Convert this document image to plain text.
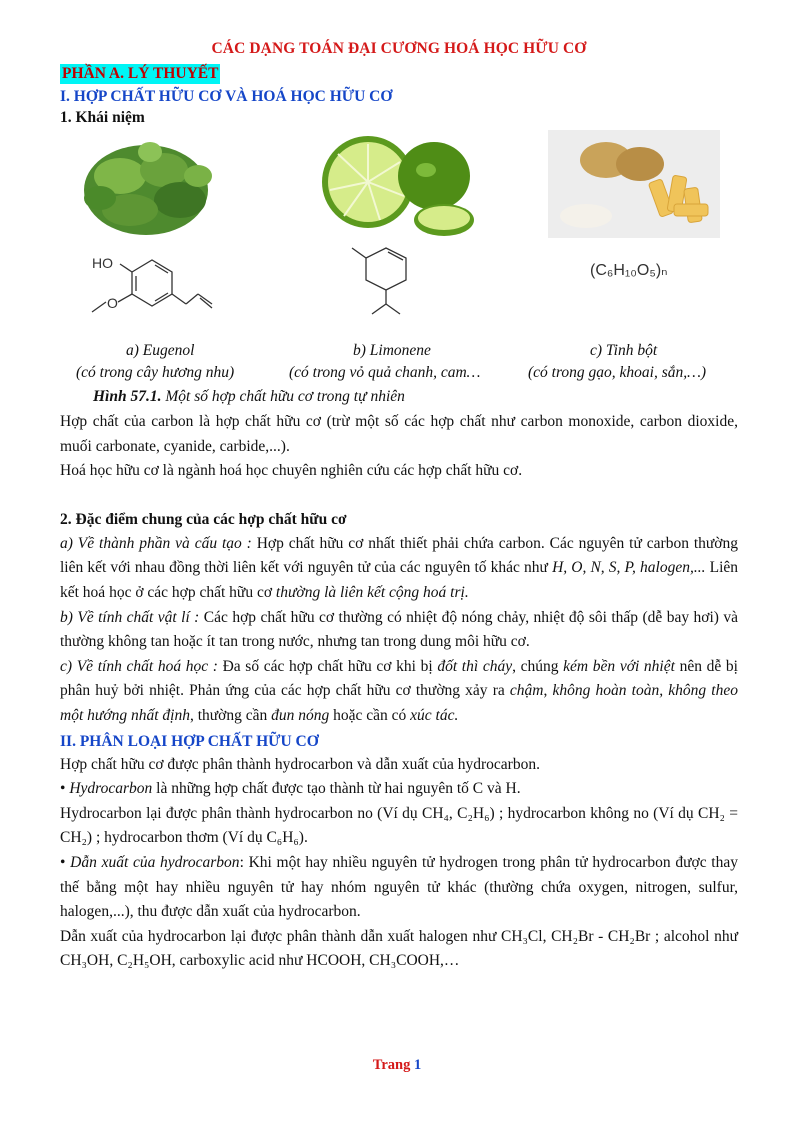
CÁC DẠNG TOÁN ĐẠI CƯƠNG HOÁ HỌC HỮU CƠ
PHẦN A. LÝ THUYẾT
I. HỢP CHẤT HỮU CƠ VÀ HOÁ HỌC HỮU CƠ
1. Khái niệm
HO
O
(C₆H₁₀O₅)ₙ
a) Eugenol	b) Limonene	c) Tinh bột
(có trong cây hương nhu)	(có trong vỏ quả chanh, cam…	(có trong gạo, khoai, sắn,…)
Hình 57.1. Một số hợp chất hữu cơ trong tự nhiên

Hợp chất của carbon là hợp chất hữu cơ (trừ một số các hợp chất như carbon monoxide, carbon dioxide, muối carbonate, cyanide, carbide,...).

Hoá học hữu cơ là ngành hoá học chuyên nghiên cứu các hợp chất hữu cơ.

2. Đặc điểm chung của các hợp chất hữu cơ

a) Về thành phần và cấu tạo : Hợp chất hữu cơ nhất thiết phải chứa carbon. Các nguyên tử carbon thường liên kết với nhau đồng thời liên kết với nguyên tử của các nguyên tố khác như H, O, N, S, P, halogen,... Liên kết hoá học ở các hợp chất hữu cơ thường là liên kết cộng hoá trị.

b) Về tính chất vật lí : Các hợp chất hữu cơ thường có nhiệt độ nóng chảy, nhiệt độ sôi thấp (dễ bay hơi) và thường không tan hoặc ít tan trong nước, nhưng tan trong dung môi hữu cơ.

c) Về tính chất hoá học : Đa số các hợp chất hữu cơ khi bị đốt thì cháy, chúng kém bền với nhiệt nên dễ bị phân huỷ bởi nhiệt. Phản ứng của các hợp chất hữu cơ thường xảy ra chậm, không hoàn toàn, không theo một hướng nhất định, thường cần đun nóng hoặc cần có xúc tác.

II. PHÂN LOẠI HỢP CHẤT HỮU CƠ

Hợp chất hữu cơ được phân thành hydrocarbon và dẫn xuất của hydrocarbon.

• Hydrocarbon là những hợp chất được tạo thành từ hai nguyên tố C và H.

Hydrocarbon lại được phân thành hydrocarbon no (Ví dụ CH₄, C₂H₆) ; hydrocarbon không no (Ví dụ CH₂ = CH₂) ; hydrocarbon thơm (Ví dụ C₆H₆).

• Dẫn xuất của hydrocarbon: Khi một hay nhiều nguyên tử hydrogen trong phân tử hydrocarbon được thay thế bằng một hay nhiều nguyên tử hay nhóm nguyên tử khác (thường chứa oxygen, nitrogen, sulfur, halogen,...), thu được dẫn xuất của hydrocarbon.

Dẫn xuất của hydrocarbon lại được phân thành dẫn xuất halogen như CH₃Cl, CH₂Br - CH₂Br ; alcohol như CH₃OH, C₂H₅OH, carboxylic acid như HCOOH, CH₃COOH,…

Trang 1
